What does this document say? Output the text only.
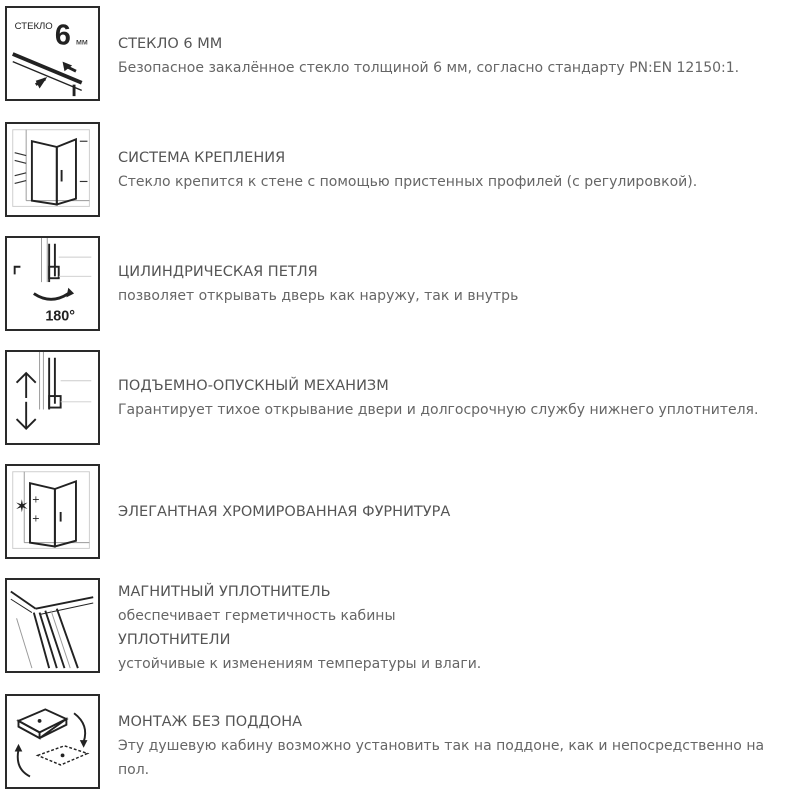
СТЕКЛО 6 мм СТЕКЛО 6 ММ
Безопасное закалённое стекло толщиной 6 мм, согласно стандарту PN:EN 12150:1.
СИСТЕМА КРЕПЛЕНИЯ
Стекло крепится к стене с помощью пристенных профилей (с регулировкой).
180°
ЦИЛИНДРИЧЕСКАЯ ПЕТЛЯ
позволяет открывать дверь как наружу, так и внутрь
ПОДЪЕМНО-ОПУСКНЫЙ МЕХАНИЗМ
Гарантирует тихое открывание двери и долгосрочную службу нижнего уплотнителя.
✶ +
+	ЭЛЕГАНТНАЯ ХРОМИРОВАННАЯ ФУРНИТУРА
МАГНИТНЫЙ УПЛОТНИТЕЛЬ
обеспечивает герметичность кабины
УПЛОТНИТЕЛИ
устойчивые к изменениям температуры и влаги.
МОНТАЖ БЕЗ ПОДДОНА
Эту душевую кабину возможно установить так на поддоне, как и непосредственно на
пол.
